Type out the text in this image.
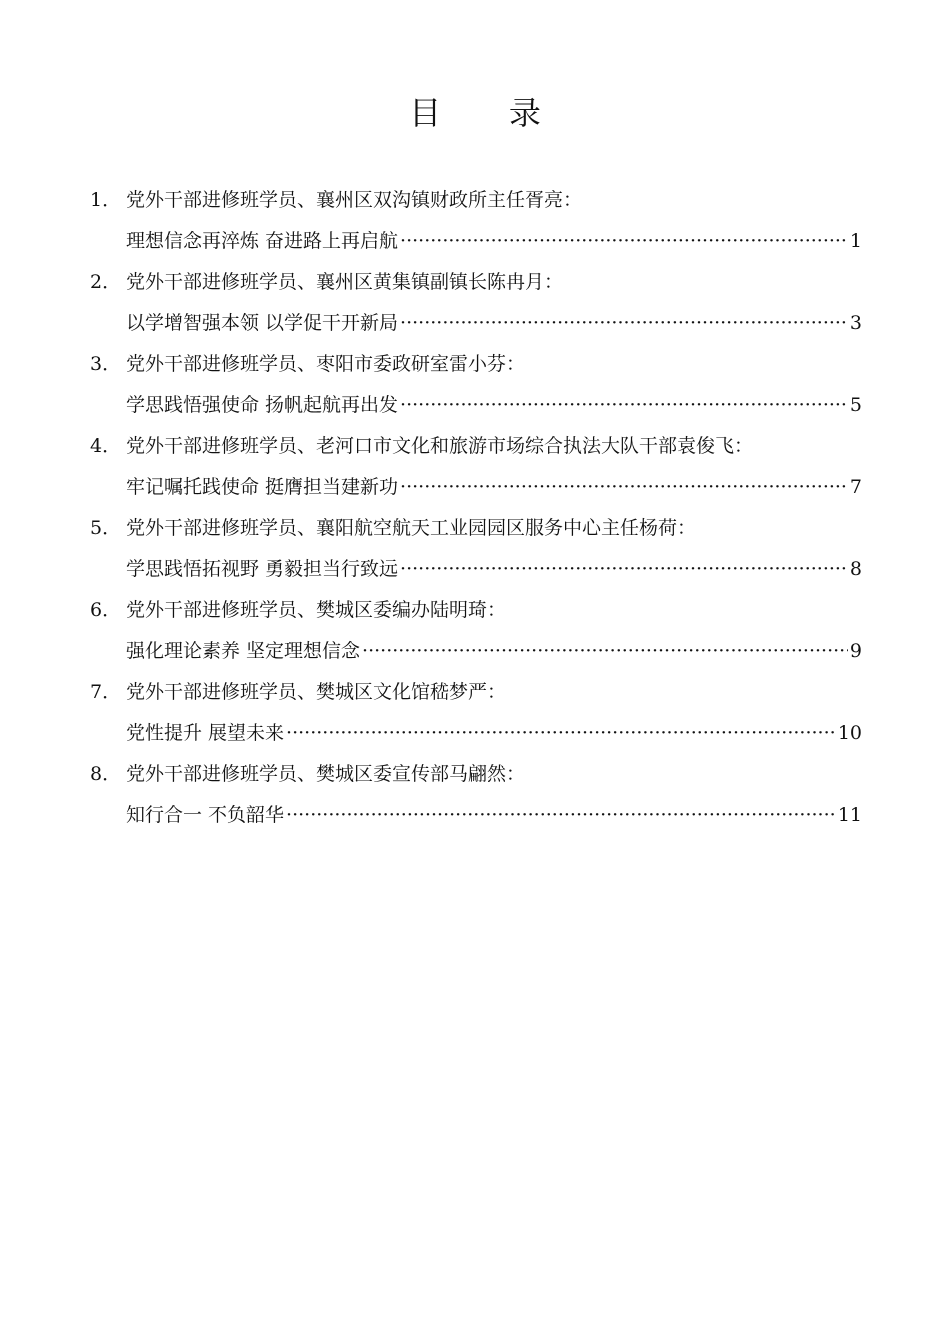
目 录
1． 党外干部进修班学员、襄州区双沟镇财政所主任胥亮：
理想信念再淬炼 奋进路上再启航 ·····	1
2． 党外干部进修班学员、襄州区黄集镇副镇长陈冉月：
以学增智强本领 以学促干开新局 ·····	3
3． 党外干部进修班学员、枣阳市委政研室雷小芬：
学思践悟强使命 扬帆起航再出发 ·····	5
4． 党外干部进修班学员、老河口市文化和旅游市场综合执法大队干部袁俊飞：
牢记嘱托践使命 挺膺担当建新功 ·····	7
5． 党外干部进修班学员、襄阳航空航天工业园园区服务中心主任杨荷：
学思践悟拓视野 勇毅担当行致远 ·····	8
6． 党外干部进修班学员、樊城区委编办陆明琦：
强化理论素养 坚定理想信念 ·····	9
7． 党外干部进修班学员、樊城区文化馆嵇梦严：
党性提升 展望未来 ·····	10
8． 党外干部进修班学员、樊城区委宣传部马翩然：
知行合一 不负韶华 ·····	11
